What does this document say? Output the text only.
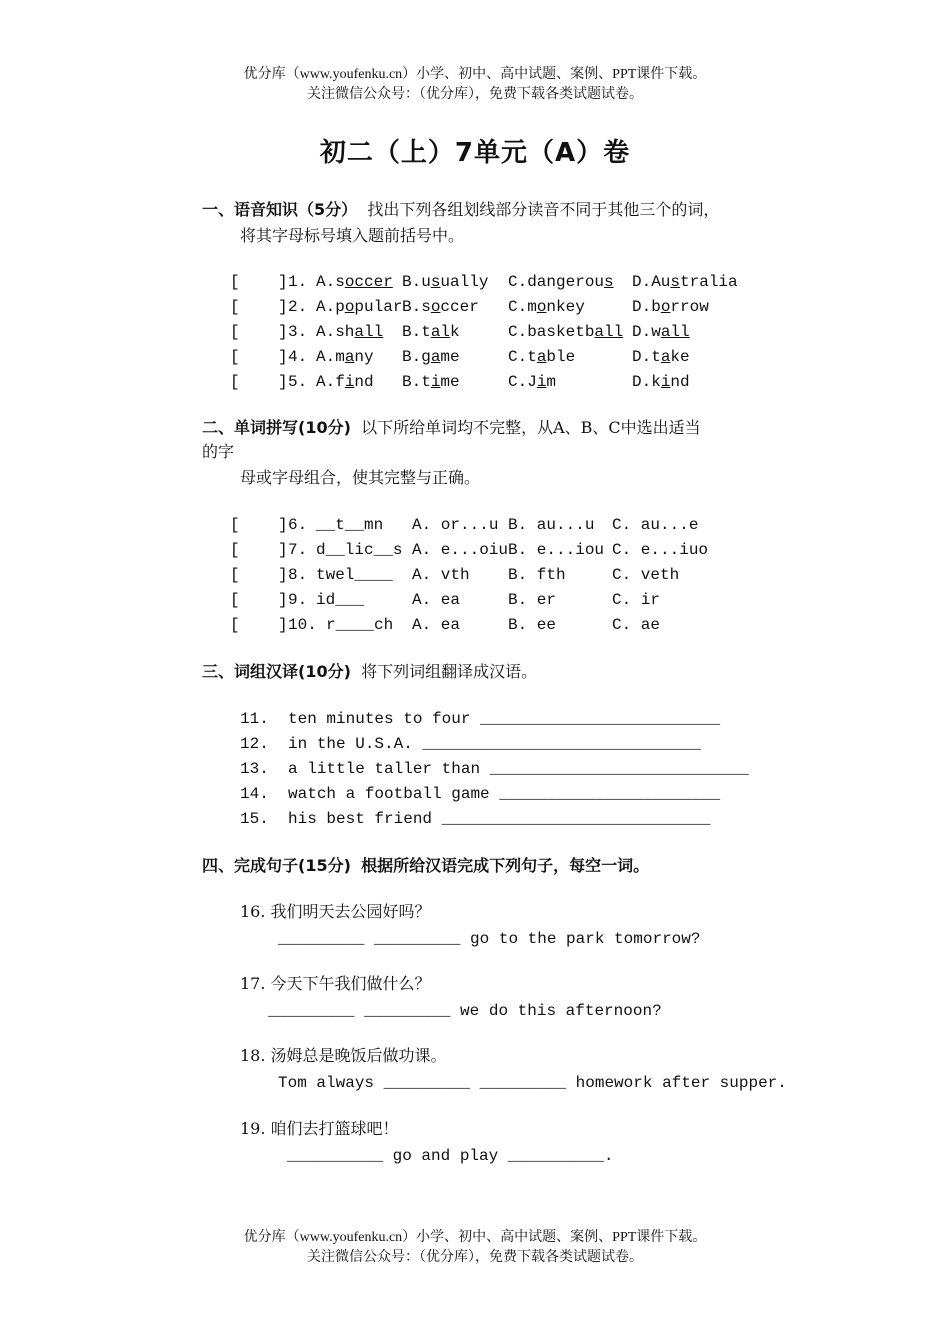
优分库（www.youfenku.cn）小学、初中、高中试题、案例、PPT课件下载。
关注微信公众号：（优分库），免费下载各类试题试卷。
初二（上）7单元（A）卷
一、语音知识（5分） 找出下列各组划线部分读音不同于其他三个的词，
将其字母标号填入题前括号中。
[    ] 1. A.soccer B.usually C.dangerous D.Australia
[    ] 2. A.popular B.soccer C.monkey	D.borrow
[    ] 3. A.shall B.talk	C.basketball D.wall
[    ] 4. A.many B.game	C.table	D.take
[    ] 5. A.find B.time	C.Jim	D.kind
二、单词拼写(10分) 以下所给单词均不完整，从A、B、C中选出适当
的字
母或字母组合，使其完整与正确。
[    ] 6. __t__mn A. or...u B. au...u C. au...e
[    ] 7. d__lic__s A. e...oiu B. e...iou C. e...iuo
[    ] 8. twel____ A. vth B. fth	C. veth
[    ] 9. id___	A. ea	B. er	C. ir
[    ] 10. r____ch A. ea	B. ee	C. ae
三、词组汉译(10分) 将下列词组翻译成汉语。
11.  ten minutes to four _________________________
12.  in the U.S.A. _____________________________
13.  a little taller than ___________________________
14.  watch a football game _______________________
15.  his best friend ____________________________
四、完成句子(15分) 根据所给汉语完成下列句子，每空一词。
16. 我们明天去公园好吗？
_________ _________ go to the park tomorrow?
17. 今天下午我们做什么？
_________ _________ we do this afternoon?
18. 汤姆总是晚饭后做功课。
Tom always _________ _________ homework after supper.
19. 咱们去打篮球吧！
__________ go and play __________.
优分库（www.youfenku.cn）小学、初中、高中试题、案例、PPT课件下载。
关注微信公众号：（优分库），免费下载各类试题试卷。
